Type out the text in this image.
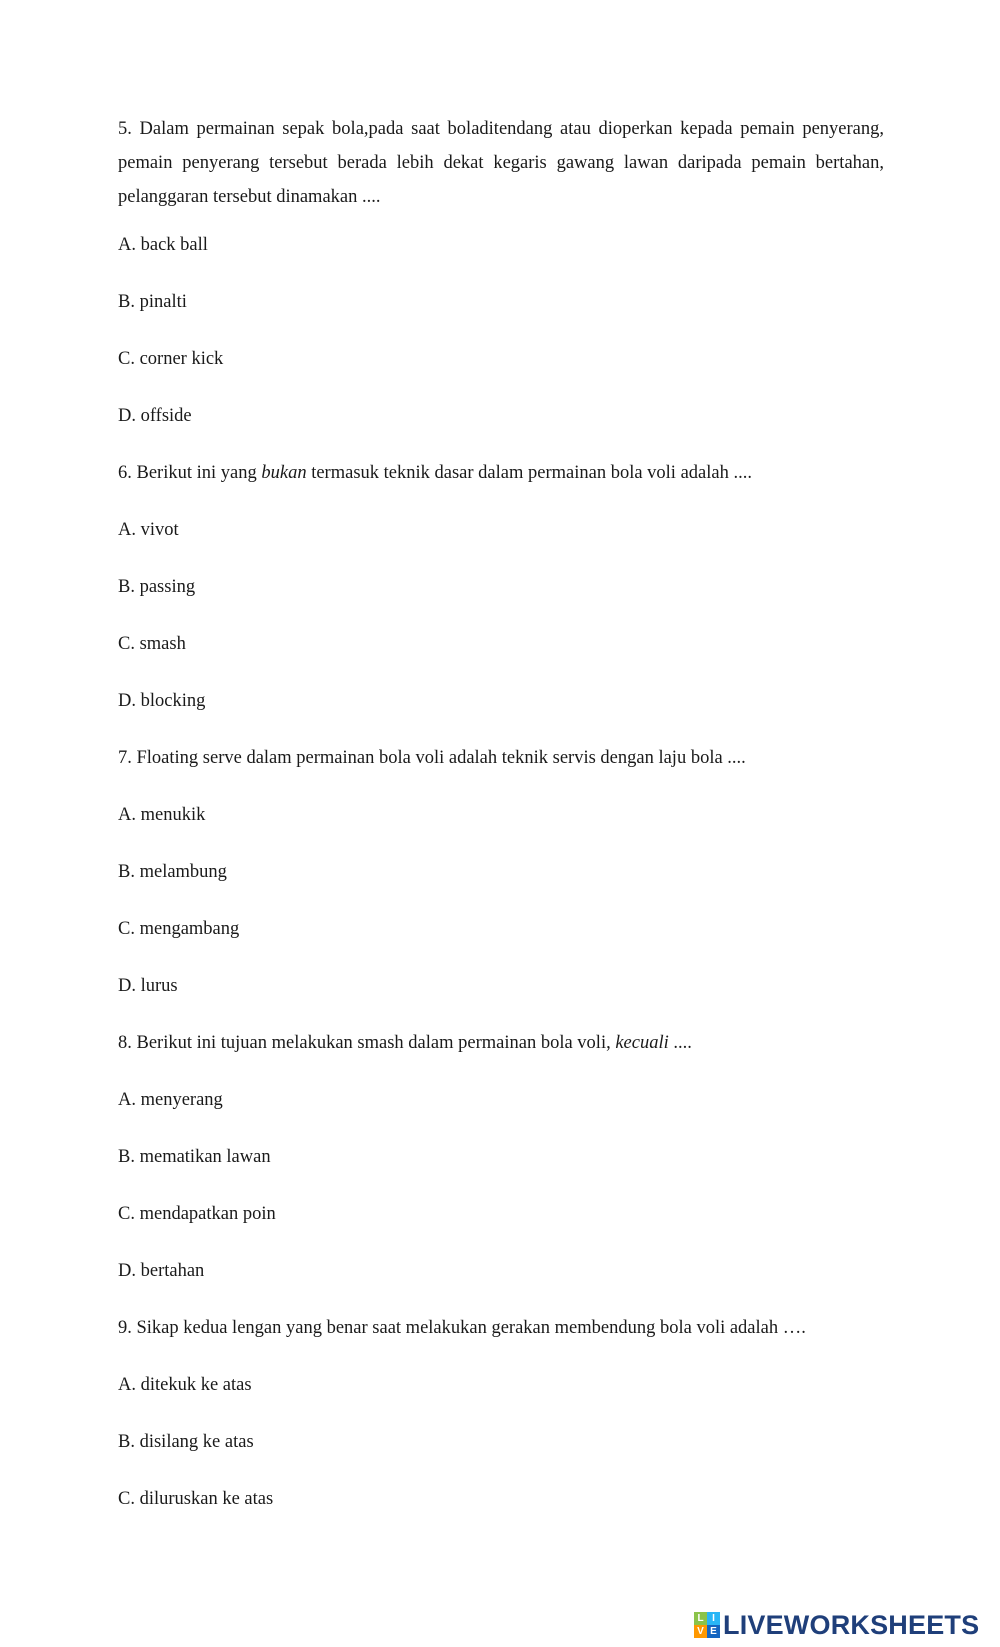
5. Dalam permainan sepak bola,pada saat boladitendang atau dioperkan kepada pemain penyerang, pemain penyerang tersebut berada lebih dekat kegaris gawang lawan daripada pemain bertahan, pelanggaran tersebut dinamakan ....

A. back ball
B. pinalti
C. corner kick
D. offside
6. Berikut ini yang bukan termasuk teknik dasar dalam permainan bola voli adalah ....
A. vivot
B. passing
C. smash
D. blocking
7. Floating serve dalam permainan bola voli adalah teknik servis dengan laju bola ....
A. menukik
B. melambung
C. mengambang
D. lurus
8. Berikut ini tujuan melakukan smash dalam permainan bola voli, kecuali ....
A. menyerang
B. mematikan lawan
C. mendapatkan poin
D. bertahan
9. Sikap kedua lengan yang benar saat melakukan gerakan membendung bola voli adalah ….
A. ditekuk ke atas
B. disilang ke atas
C. diluruskan ke atas
L I
V E LIVEWORKSHEETS
